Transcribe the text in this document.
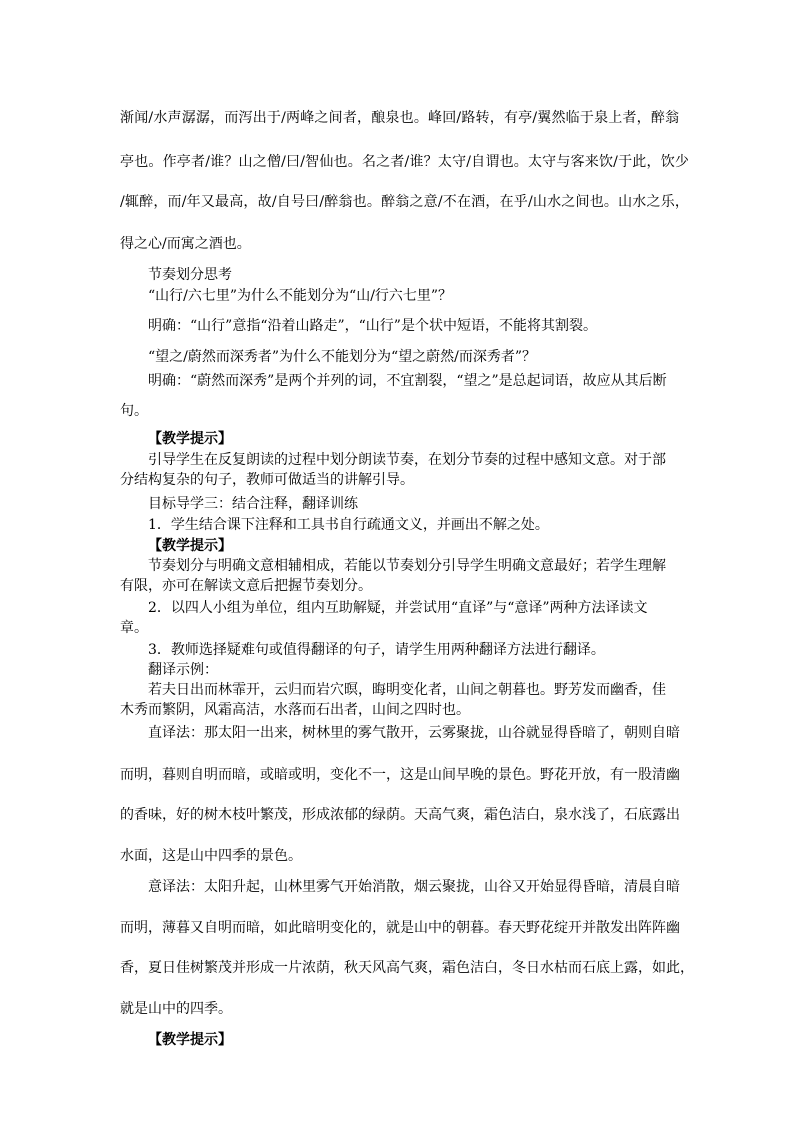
渐闻/水声潺潺，而泻出于/两峰之间者，酿泉也。峰回/路转，有亭/翼然临于泉上者，醉翁

亭也。作亭者/谁？山之僧/曰/智仙也。名之者/谁？太守/自谓也。太守与客来饮/于此，饮少

/辄醉，而/年又最高，故/自号曰/醉翁也。醉翁之意/不在酒，在乎/山水之间也。山水之乐，

得之心/而寓之酒也。

节奏划分思考

“山行/六七里”为什么不能划分为“山/行六七里”？

明确：“山行”意指“沿着山路走”，“山行”是个状中短语，不能将其割裂。

“望之/蔚然而深秀者”为什么不能划分为“望之蔚然/而深秀者”？

明确：“蔚然而深秀”是两个并列的词，不宜割裂，“望之”是总起词语，故应从其后断句。

【教学提示】

引导学生在反复朗读的过程中划分朗读节奏，在划分节奏的过程中感知文意。对于部分结构复杂的句子，教师可做适当的讲解引导。

目标导学三：结合注释，翻译训练

1．学生结合课下注释和工具书自行疏通文义，并画出不解之处。

【教学提示】

节奏划分与明确文意相辅相成，若能以节奏划分引导学生明确文意最好；若学生理解有限，亦可在解读文意后把握节奏划分。

2．以四人小组为单位，组内互助解疑，并尝试用“直译”与“意译”两种方法译读文章。

3．教师选择疑难句或值得翻译的句子，请学生用两种翻译方法进行翻译。

翻译示例：

若夫日出而林霏开，云归而岩穴暝，晦明变化者，山间之朝暮也。野芳发而幽香，佳木秀而繁阴，风霜高洁，水落而石出者，山间之四时也。

直译法：那太阳一出来，树林里的雾气散开，云雾聚拢，山谷就显得昏暗了，朝则自暗

而明，暮则自明而暗，或暗或明，变化不一，这是山间早晚的景色。野花开放，有一股清幽

的香味，好的树木枝叶繁茂，形成浓郁的绿荫。天高气爽，霜色洁白，泉水浅了，石底露出

水面，这是山中四季的景色。

意译法：太阳升起，山林里雾气开始消散，烟云聚拢，山谷又开始显得昏暗，清晨自暗

而明，薄暮又自明而暗，如此暗明变化的，就是山中的朝暮。春天野花绽开并散发出阵阵幽

香，夏日佳树繁茂并形成一片浓荫，秋天风高气爽，霜色洁白，冬日水枯而石底上露，如此，

就是山中的四季。

【教学提示】
